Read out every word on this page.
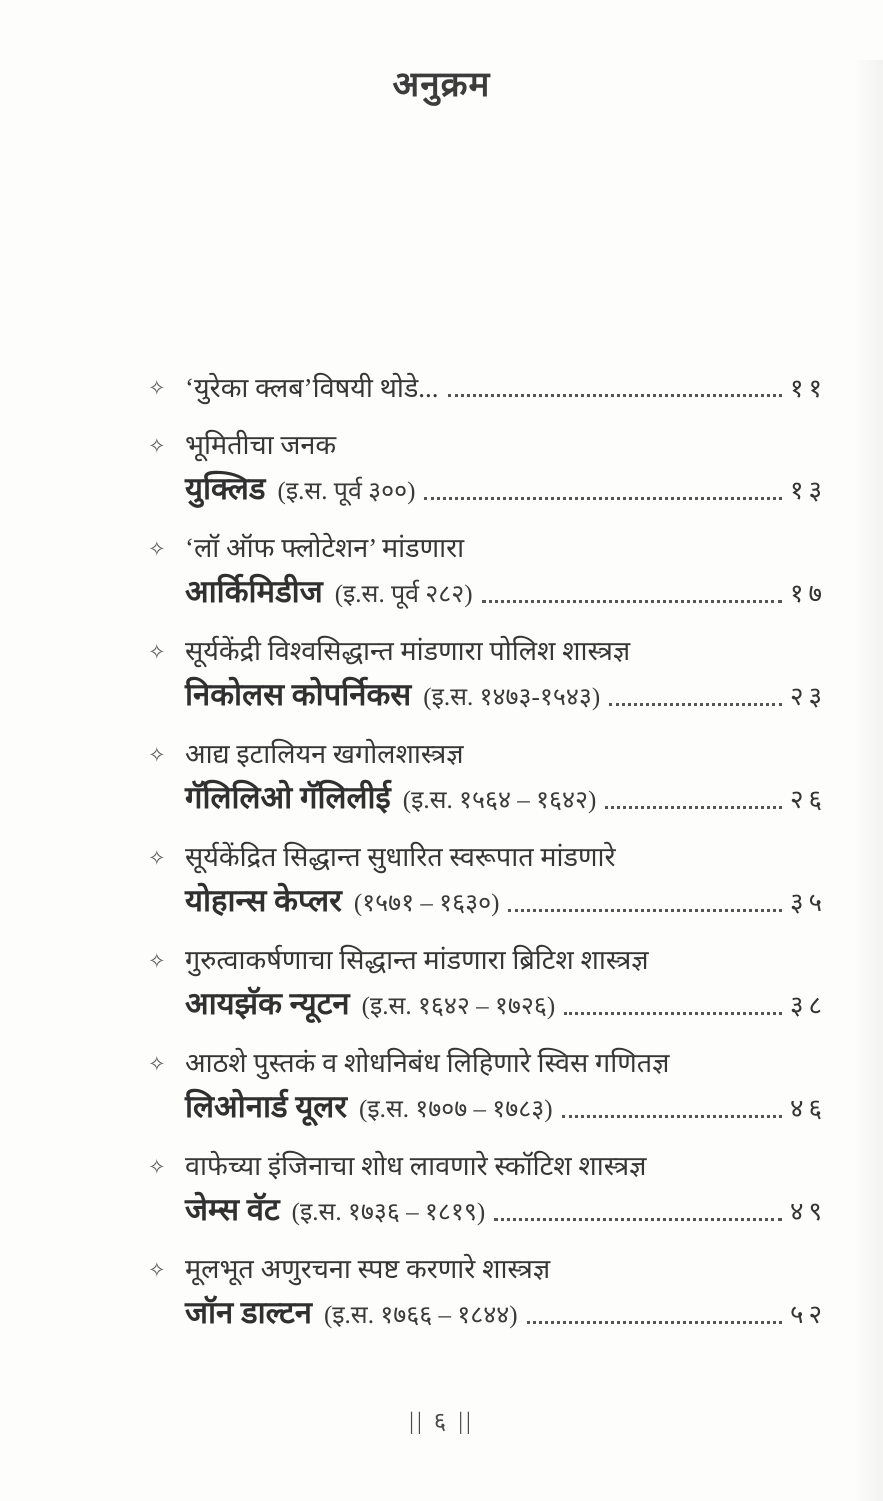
अनुक्रम
✧ ‘युरेका क्लब’विषयी थोडे...	११
✧ भूमितीचा जनक
युक्लिड (इ.स. पूर्व ३००)	१३
✧ ‘लॉ ऑफ फ्लोटेशन’ मांडणारा
आर्किमिडीज (इ.स. पूर्व २८२)	१७
✧ सूर्यकेंद्री विश्वसिद्धान्त मांडणारा पोलिश शास्त्रज्ञ
निकोलस कोपर्निकस (इ.स. १४७३-१५४३)	२३
✧ आद्य इटालियन खगोलशास्त्रज्ञ
गॅलिलिओ गॅलिलीई (इ.स. १५६४ – १६४२)	२६
✧ सूर्यकेंद्रित सिद्धान्त सुधारित स्वरूपात मांडणारे
योहान्स केप्लर (१५७१ – १६३०)	३५
✧ गुरुत्वाकर्षणाचा सिद्धान्त मांडणारा ब्रिटिश शास्त्रज्ञ
आयझॅक न्यूटन (इ.स. १६४२ – १७२६)	३८
✧ आठशे पुस्तकं व शोधनिबंध लिहिणारे स्विस गणितज्ञ
लिओनार्ड यूलर (इ.स. १७०७ – १७८३)	४६
✧ वाफेच्या इंजिनाचा शोध लावणारे स्कॉटिश शास्त्रज्ञ
जेम्स वॅट (इ.स. १७३६ – १८१९)	४९
✧ मूलभूत अणुरचना स्पष्ट करणारे शास्त्रज्ञ
जॉन डाल्टन (इ.स. १७६६ – १८४४)	५२
|| ६ ||
